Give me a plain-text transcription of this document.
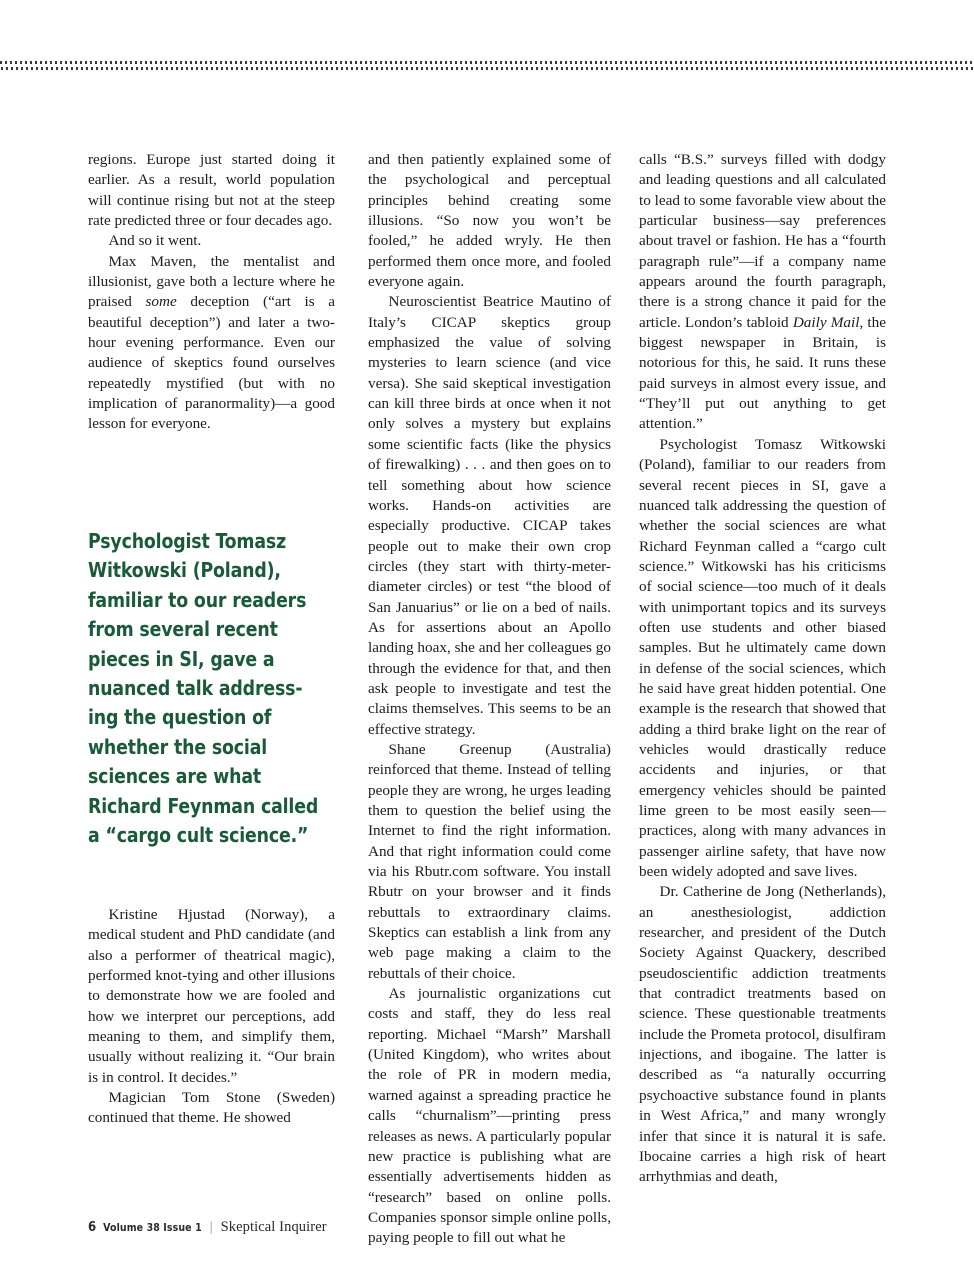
regions. Europe just started doing it earlier. As a result, world population will continue rising but not at the steep rate predicted three or four decades ago.

And so it went.

Max Maven, the mentalist and illusionist, gave both a lecture where he praised some deception (“art is a beautiful deception”) and later a two-hour evening performance. Even our audience of skeptics found ourselves repeatedly mystified (but with no implication of paranormality)—a good lesson for everyone.

Kristine Hjustad (Norway), a medical student and PhD candidate (and also a performer of theatrical magic), performed knot-tying and other illusions to demonstrate how we are fooled and how we interpret our perceptions, add meaning to them, and simplify them, usually without realizing it. “Our brain is in control. It decides.”

Magician Tom Stone (Sweden) continued that theme. He showed

and then patiently explained some of the psychological and perceptual principles behind creating some illusions. “So now you won’t be fooled,” he added wryly. He then performed them once more, and fooled everyone again.

Neuroscientist Beatrice Mautino of Italy’s CICAP skeptics group emphasized the value of solving mysteries to learn science (and vice versa). She said skeptical investigation can kill three birds at once when it not only solves a mystery but explains some scientific facts (like the physics of firewalking) . . . and then goes on to tell something about how science works. Hands-on activities are especially productive. CICAP takes people out to make their own crop circles (they start with thirty-meter-diameter circles) or test “the blood of San Januarius” or lie on a bed of nails. As for assertions about an Apollo landing hoax, she and her colleagues go through the evidence for that, and then ask people to investigate and test the claims themselves. This seems to be an effective strategy.

Shane Greenup (Australia) reinforced that theme. Instead of telling people they are wrong, he urges leading them to question the belief using the Internet to find the right information. And that right information could come via his Rbutr.com software. You install Rbutr on your browser and it finds rebuttals to extraordinary claims. Skeptics can establish a link from any web page making a claim to the rebuttals of their choice.

As journalistic organizations cut costs and staff, they do less real reporting. Michael “Marsh” Marshall (United Kingdom), who writes about the role of PR in modern media, warned against a spreading practice he calls “churnalism”—printing press releases as news. A particularly popular new practice is publishing what are essentially advertisements hidden as “research” based on online polls. Companies sponsor simple online polls, paying people to fill out what he

calls “B.S.” surveys filled with dodgy and leading questions and all calculated to lead to some favorable view about the particular business—say preferences about travel or fashion. He has a “fourth paragraph rule”—if a company name appears around the fourth paragraph, there is a strong chance it paid for the article. London’s tabloid Daily Mail, the biggest newspaper in Britain, is notorious for this, he said. It runs these paid surveys in almost every issue, and “They’ll put out anything to get attention.”

Psychologist Tomasz Witkowski (Poland), familiar to our readers from several recent pieces in SI, gave a nuanced talk addressing the question of whether the social sciences are what Richard Feynman called a “cargo cult science.” Witkowski has his criticisms of social science—too much of it deals with unimportant topics and its surveys often use students and other biased samples. But he ultimately came down in defense of the social sciences, which he said have great hidden potential. One example is the research that showed that adding a third brake light on the rear of vehicles would drastically reduce accidents and injuries, or that emergency vehicles should be painted lime green to be most easily seen—practices, along with many advances in passenger airline safety, that have now been widely adopted and save lives.

Dr. Catherine de Jong (Netherlands), an anesthesiologist, addiction researcher, and president of the Dutch Society Against Quackery, described pseudoscientific addiction treatments that contradict treatments based on science. These questionable treatments include the Prometa protocol, disulfiram injections, and ibogaine. The latter is described as “a naturally occurring psychoactive substance found in plants in West Africa,” and many wrongly infer that since it is natural it is safe. Ibocaine carries a high risk of heart arrhythmias and death,

Psychologist Tomasz
Witkowski (Poland),
familiar to our readers
from several recent
pieces in SI, gave a
nuanced talk address-
ing the question of
whether the social
sciences are what
Richard Feynman called
a “cargo cult science.”
6 Volume 38 Issue 1 | Skeptical Inquirer
